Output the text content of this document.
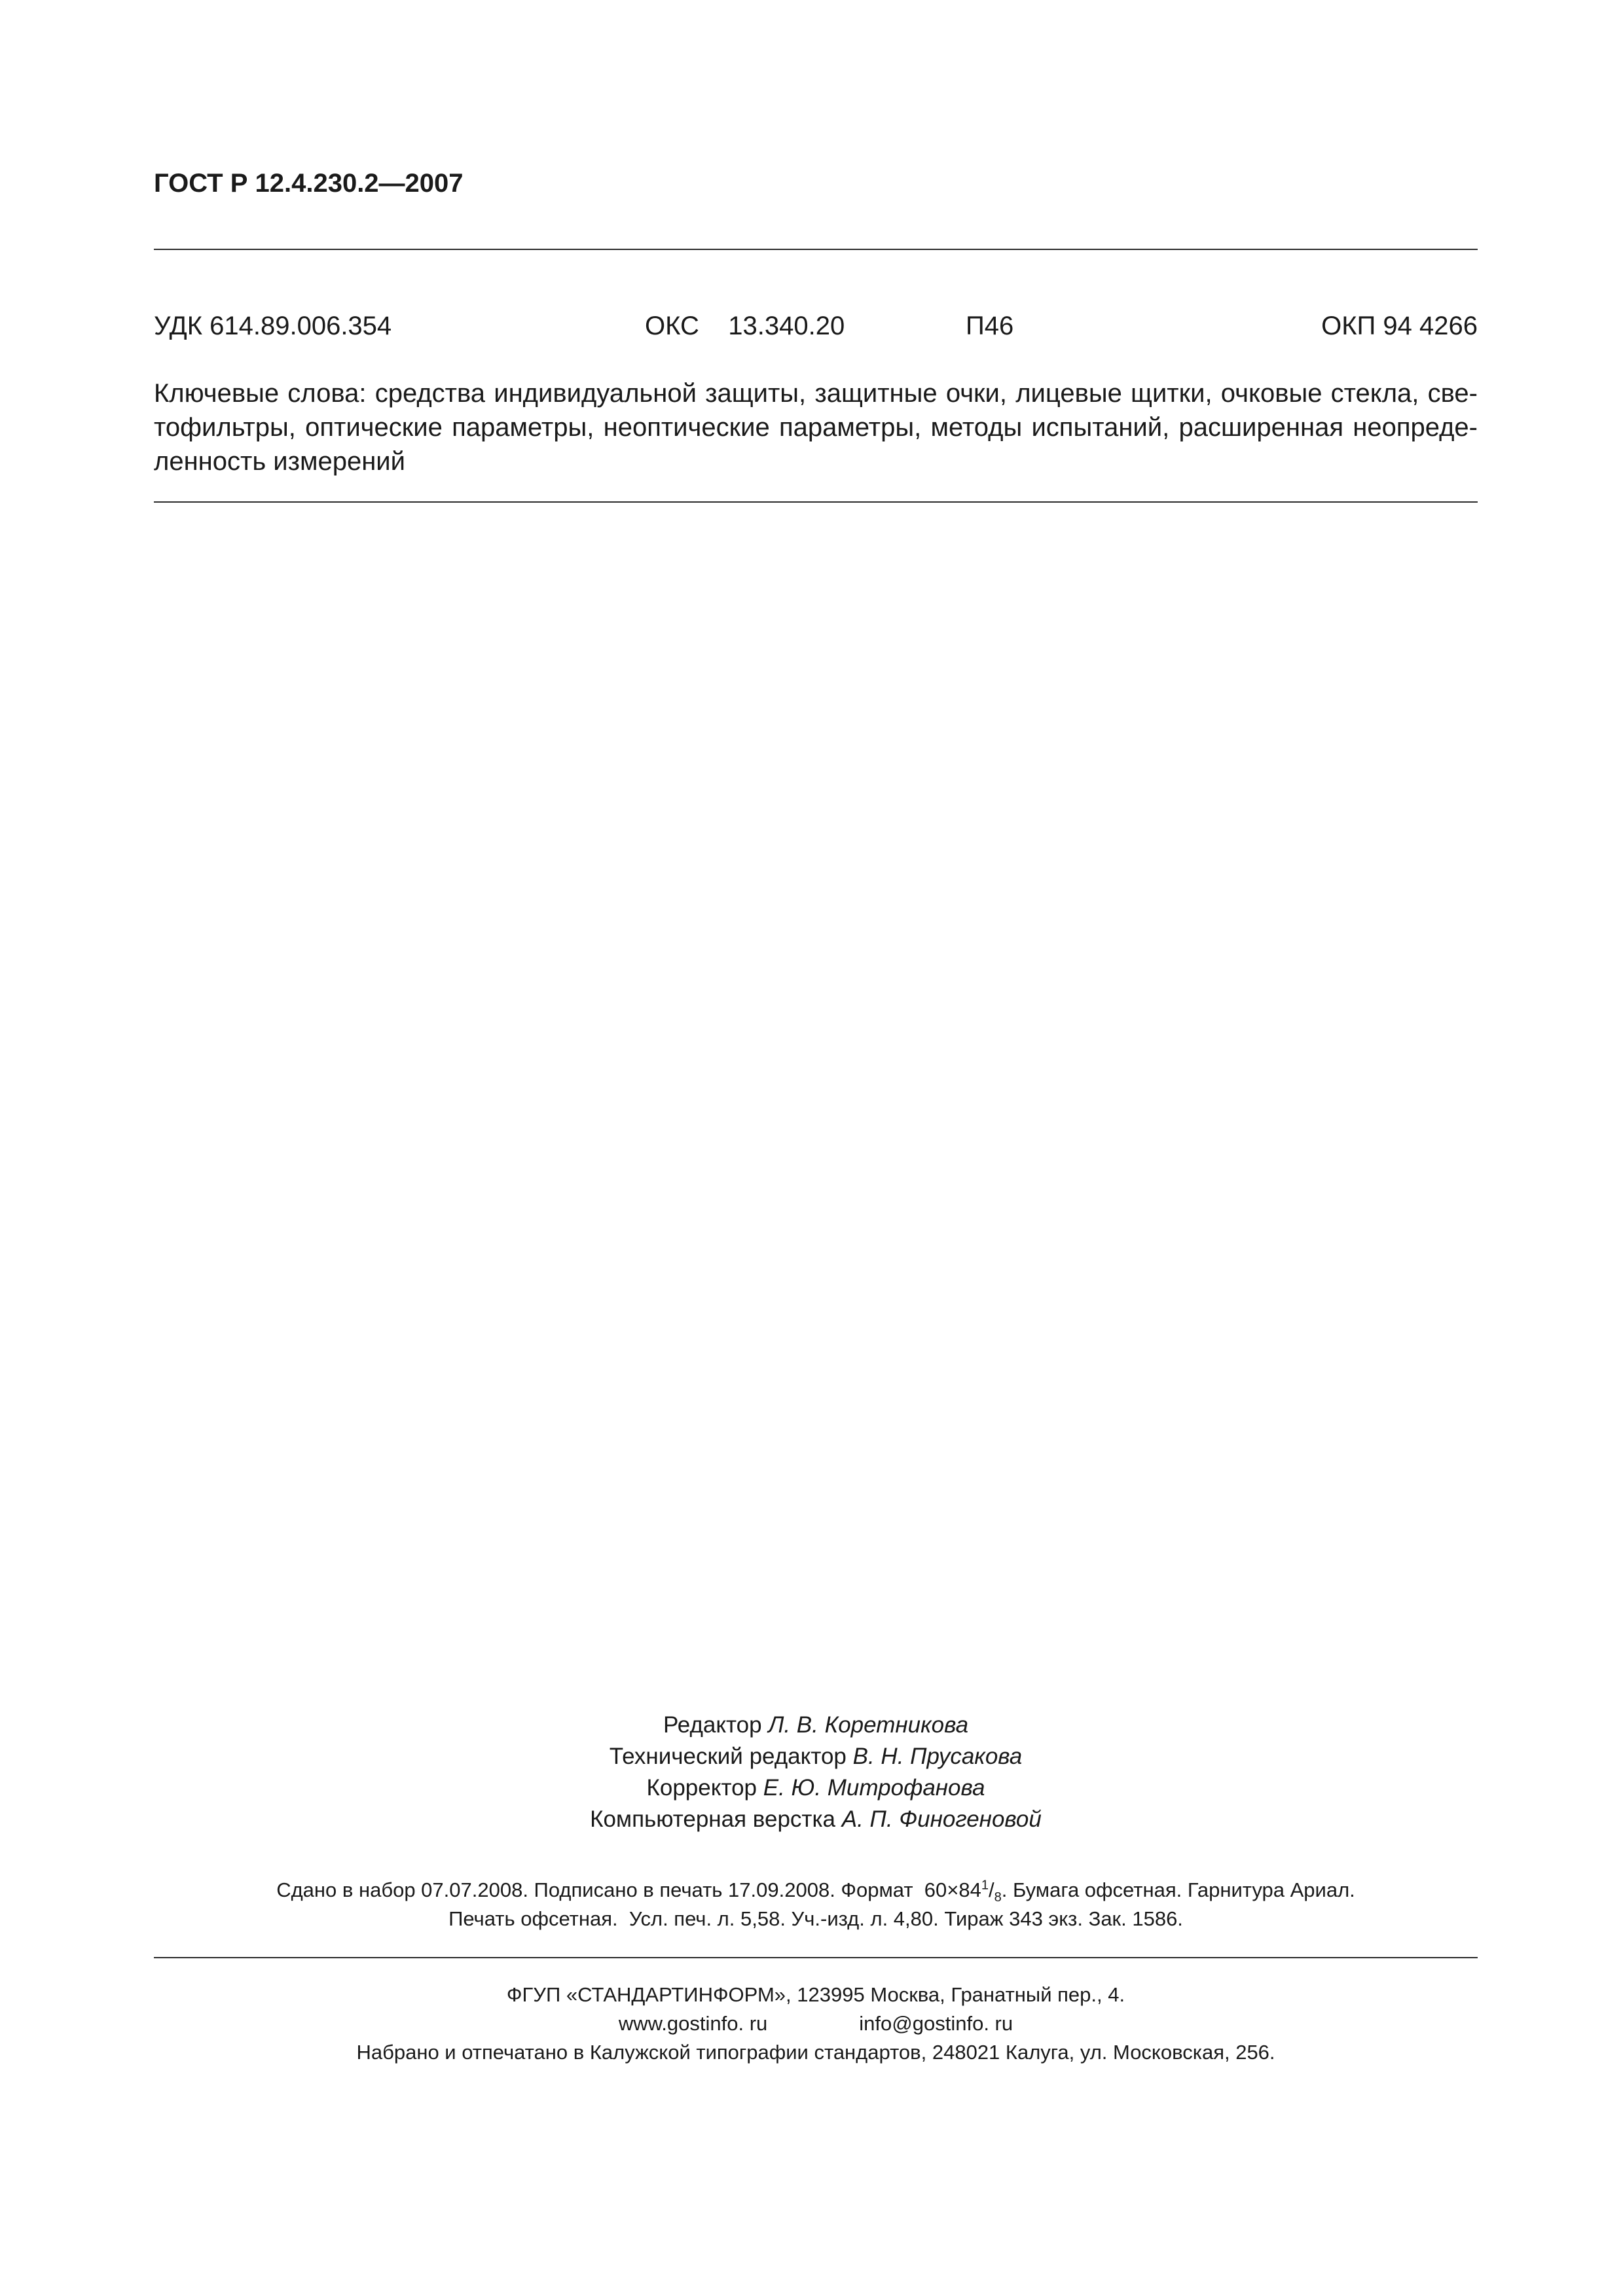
ГОСТ Р 12.4.230.2—2007
УДК 614.89.006.354	ОКС    13.340.20	П46	ОКП 94 4266
Ключевые слова: средства индивидуальной защиты, защитные очки, лицевые щитки, очковые стекла, све-
тофильтры, оптические параметры, неоптические параметры, методы испытаний, расширенная неопреде-
ленность измерений
Редактор Л. В. Коретникова
Технический редактор В. Н. Прусакова
Корректор Е. Ю. Митрофанова
Компьютерная верстка А. П. Финогеновой
Сдано в набор 07.07.2008. Подписано в печать 17.09.2008. Формат  $60\times 84^1/_8$. Бумага офсетная. Гарнитура Ариал.
Печать офсетная.  Усл. печ. л. 5,58. Уч.-изд. л. 4,80. Тираж 343 экз. Зак. 1586.
ФГУП «СТАНДАРТИНФОРМ», 123995 Москва, Гранатный пер., 4.
www.gostinfo. ru	info@gostinfo. ru
Набрано и отпечатано в Калужской типографии стандартов, 248021 Калуга, ул. Московская, 256.
